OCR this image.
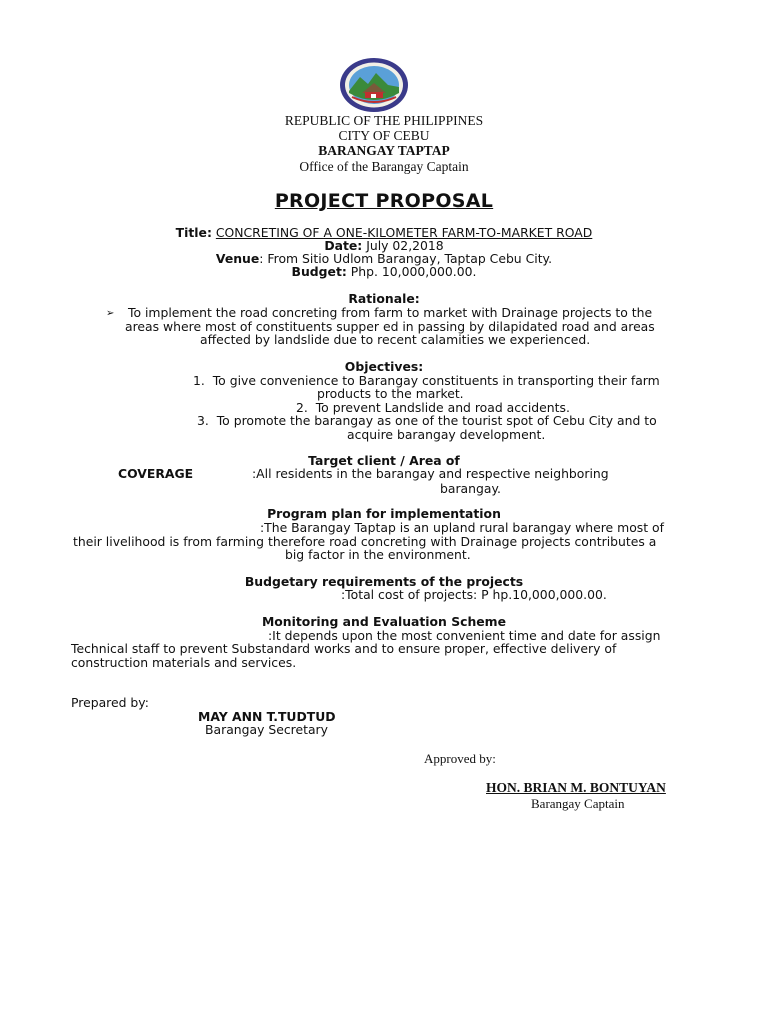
REPUBLIC OF THE PHILIPPINES
CITY OF CEBU
BARANGAY TAPTAP
Office of the Barangay Captain
PROJECT PROPOSAL
Title: CONCRETING OF A ONE-KILOMETER FARM-TO-MARKET ROAD
Date: July 02,2018
Venue: From Sitio Udlom Barangay, Taptap Cebu City.
Budget: Php. 10,000,000.00.
Rationale:
➢ To implement the road concreting from farm to market with Drainage projects to the
areas where most of constituents supper ed in passing by dilapidated road and areas
affected by landslide due to recent calamities we experienced.
Objectives:
1. To give convenience to Barangay constituents in transporting their farm
products to the market.
2. To prevent Landslide and road accidents.
3. To promote the barangay as one of the tourist spot of Cebu City and to
acquire barangay development.
Target client / Area of
COVERAGE	:All residents in the barangay and respective neighboring
barangay.
Program plan for implementation
:The Barangay Taptap is an upland rural barangay where most of
their livelihood is from farming therefore road concreting with Drainage projects contributes a
big factor in the environment.
Budgetary requirements of the projects
:Total cost of projects: P hp.10,000,000.00.
Monitoring and Evaluation Scheme
:It depends upon the most convenient time and date for assign
Technical staff to prevent Substandard works and to ensure proper, effective delivery of
construction materials and services.
Prepared by:
MAY ANN T.TUDTUD
Barangay Secretary
Approved by:
HON. BRIAN M. BONTUYAN
Barangay Captain
